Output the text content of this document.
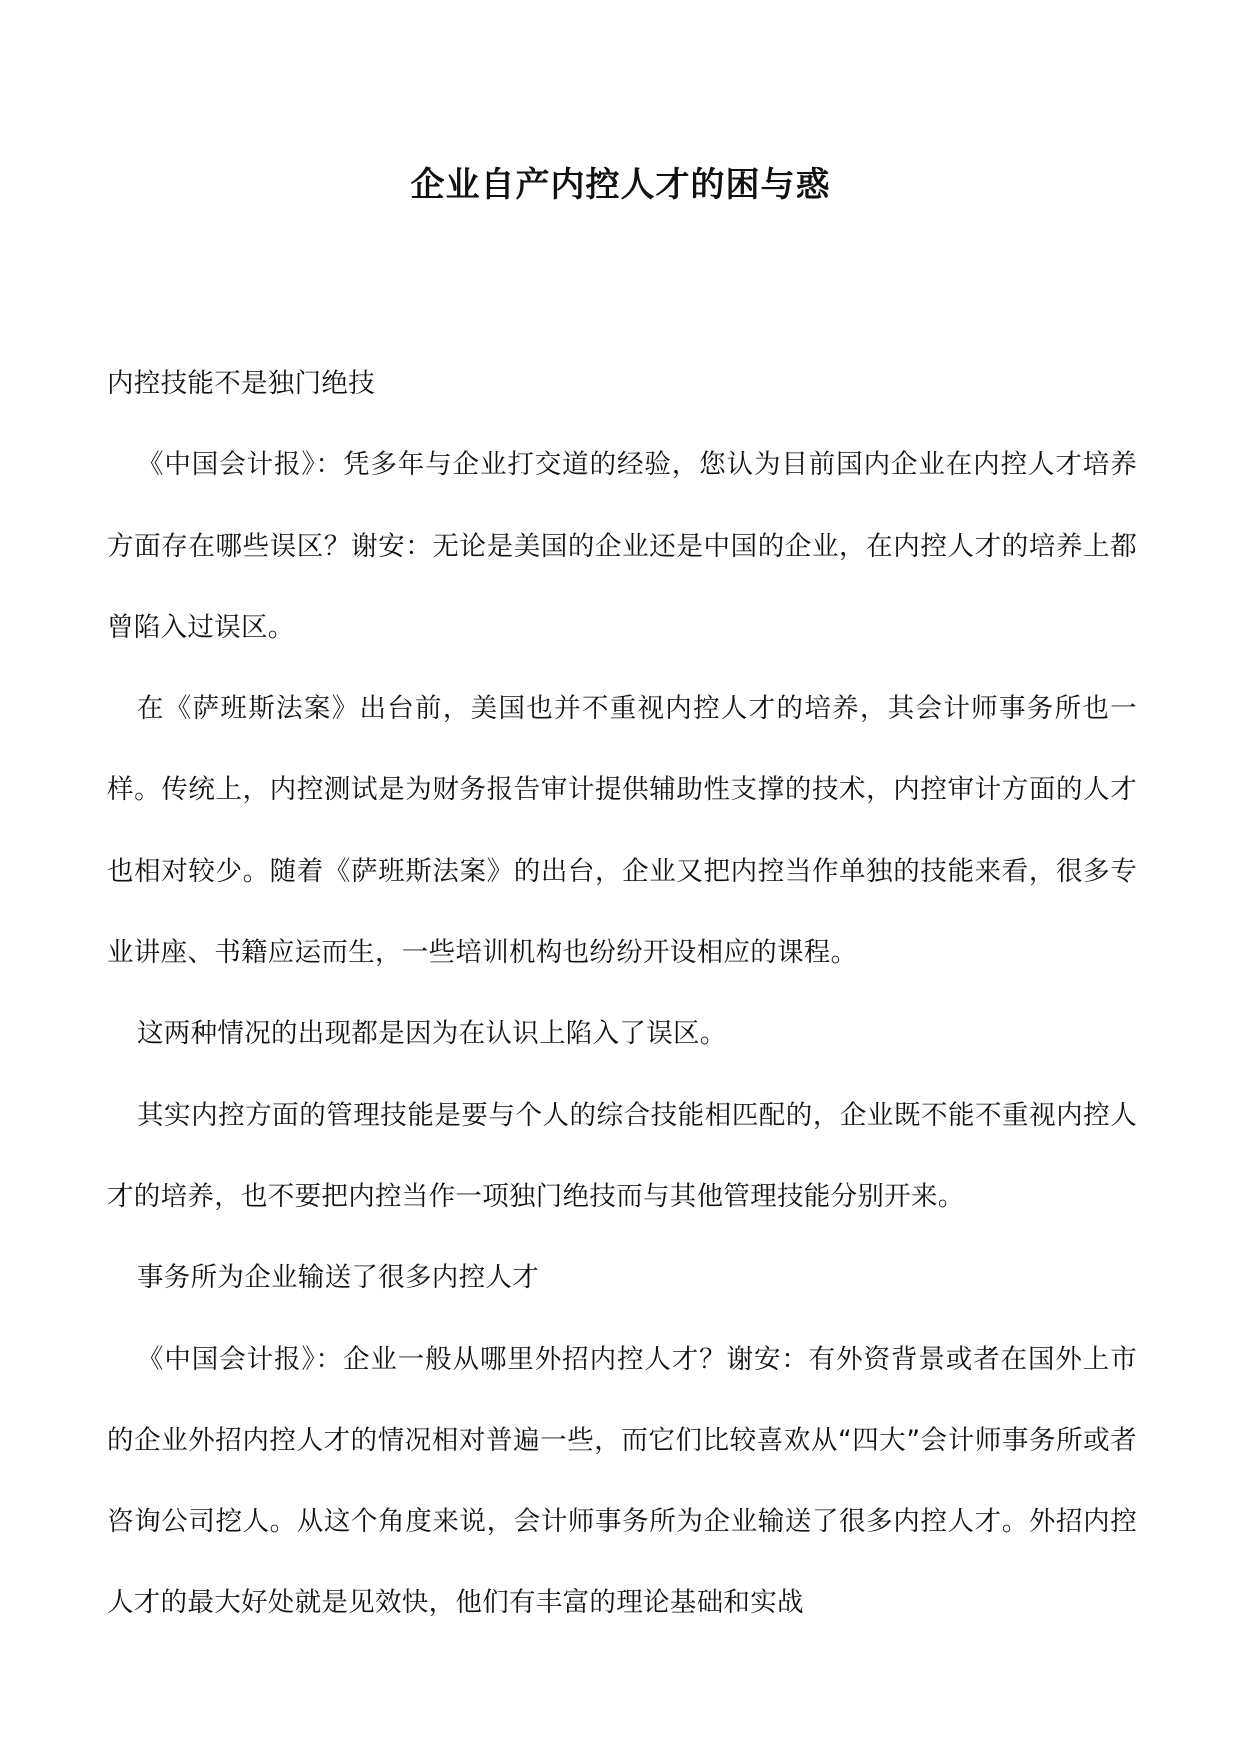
企业自产内控人才的困与惑

内控技能不是独门绝技

《中国会计报》：凭多年与企业打交道的经验，您认为目前国内企业在内控人才培养方面存在哪些误区？谢安：无论是美国的企业还是中国的企业，在内控人才的培养上都曾陷入过误区。

在《萨班斯法案》出台前，美国也并不重视内控人才的培养，其会计师事务所也一样。传统上，内控测试是为财务报告审计提供辅助性支撑的技术，内控审计方面的人才也相对较少。随着《萨班斯法案》的出台，企业又把内控当作单独的技能来看，很多专业讲座、书籍应运而生，一些培训机构也纷纷开设相应的课程。

这两种情况的出现都是因为在认识上陷入了误区。

其实内控方面的管理技能是要与个人的综合技能相匹配的，企业既不能不重视内控人才的培养，也不要把内控当作一项独门绝技而与其他管理技能分别开来。

事务所为企业输送了很多内控人才

《中国会计报》：企业一般从哪里外招内控人才？谢安：有外资背景或者在国外上市的企业外招内控人才的情况相对普遍一些，而它们比较喜欢从“四大”会计师事务所或者咨询公司挖人。从这个角度来说，会计师事务所为企业输送了很多内控人才。外招内控人才的最大好处就是见效快，他们有丰富的理论基础和实战
